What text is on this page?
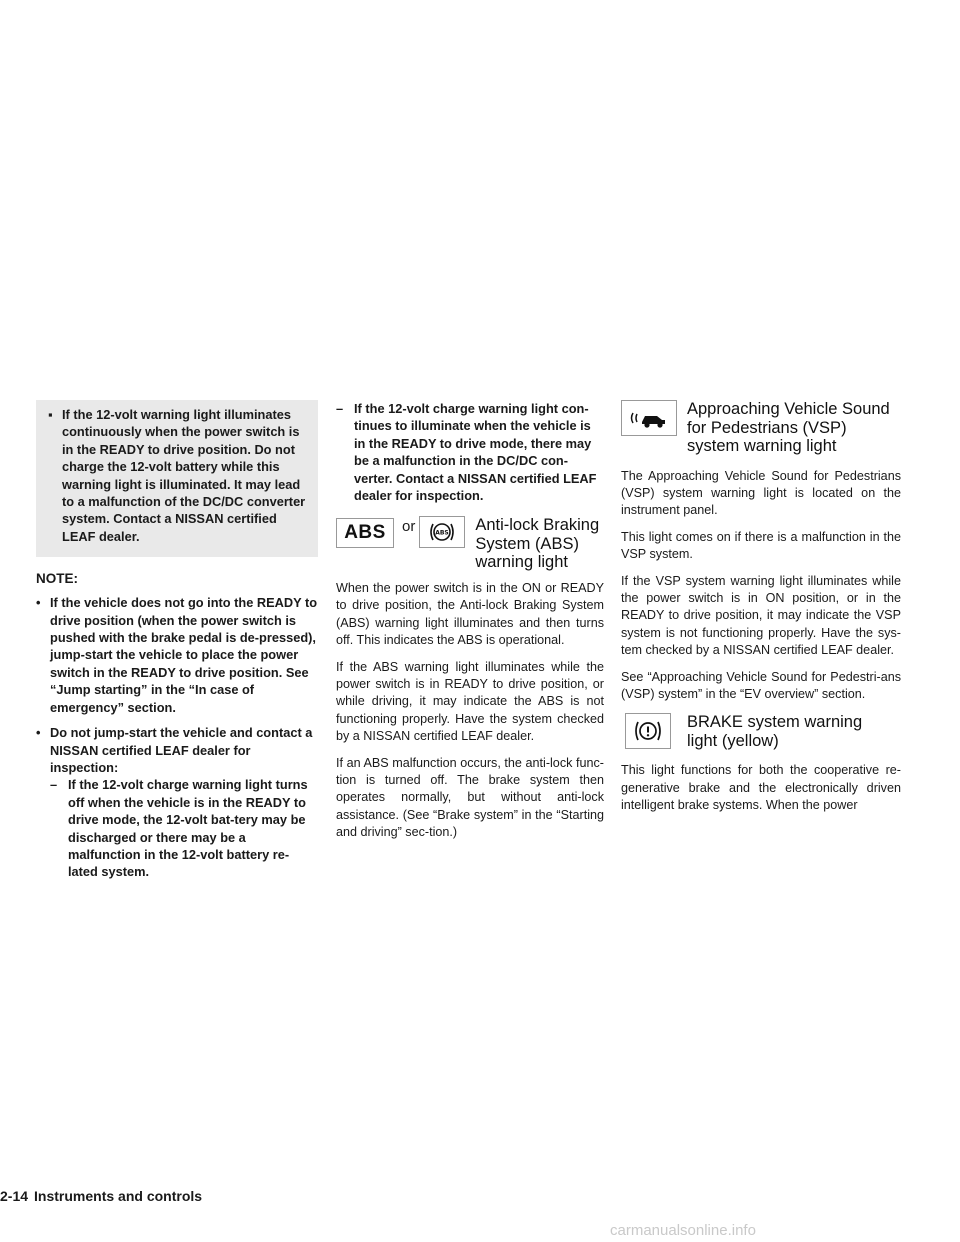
▪ If the 12-volt warning light illuminates continuously when the power switch is in the READY to drive position. Do not charge the 12-volt battery while this warning light is illuminated. It may lead to a malfunction of the DC/DC converter system. Contact a NISSAN certified LEAF dealer.

NOTE:

• If the vehicle does not go into the READY to drive position (when the power switch is pushed with the brake pedal is de-pressed), jump-start the vehicle to place the power switch in the READY to drive position. See “Jump starting” in the “In case of emergency” section.

• Do not jump-start the vehicle and contact a NISSAN certified LEAF dealer for inspection:

– If the 12-volt charge warning light turns off when the vehicle is in the READY to drive mode, the 12-volt bat-tery may be discharged or there may be a malfunction in the 12-volt battery re-lated system.

– If the 12-volt charge warning light con-tinues to illuminate when the vehicle is in the READY to drive mode, there may be a malfunction in the DC/DC con-verter. Contact a NISSAN certified LEAF dealer for inspection.

ABS or	ABS Anti-lock Braking System (ABS) warning light

When the power switch is in the ON or READY to drive position, the Anti-lock Braking System (ABS) warning light illuminates and then turns off. This indicates the ABS is operational.

If the ABS warning light illuminates while the power switch is in READY to drive position, or while driving, it may indicate the ABS is not functioning properly. Have the system checked by a NISSAN certified LEAF dealer.

If an ABS malfunction occurs, the anti-lock func-tion is turned off. The brake system then operates normally, but without anti-lock assistance. (See “Brake system” in the “Starting and driving” sec-tion.)

Approaching Vehicle Sound for Pedestrians (VSP) system warning light

The Approaching Vehicle Sound for Pedestrians (VSP) system warning light is located on the instrument panel.

This light comes on if there is a malfunction in the VSP system.

If the VSP system warning light illuminates while the power switch is in ON position, or in the READY to drive position, it may indicate the VSP system is not functioning properly. Have the sys-tem checked by a NISSAN certified LEAF dealer.

See “Approaching Vehicle Sound for Pedestri-ans (VSP) system” in the “EV overview” section.

BRAKE system warning light (yellow)

This light functions for both the cooperative re-generative brake and the electronically driven intelligent brake systems. When the power

2-14 Instruments and controls
carmanualsonline.info
